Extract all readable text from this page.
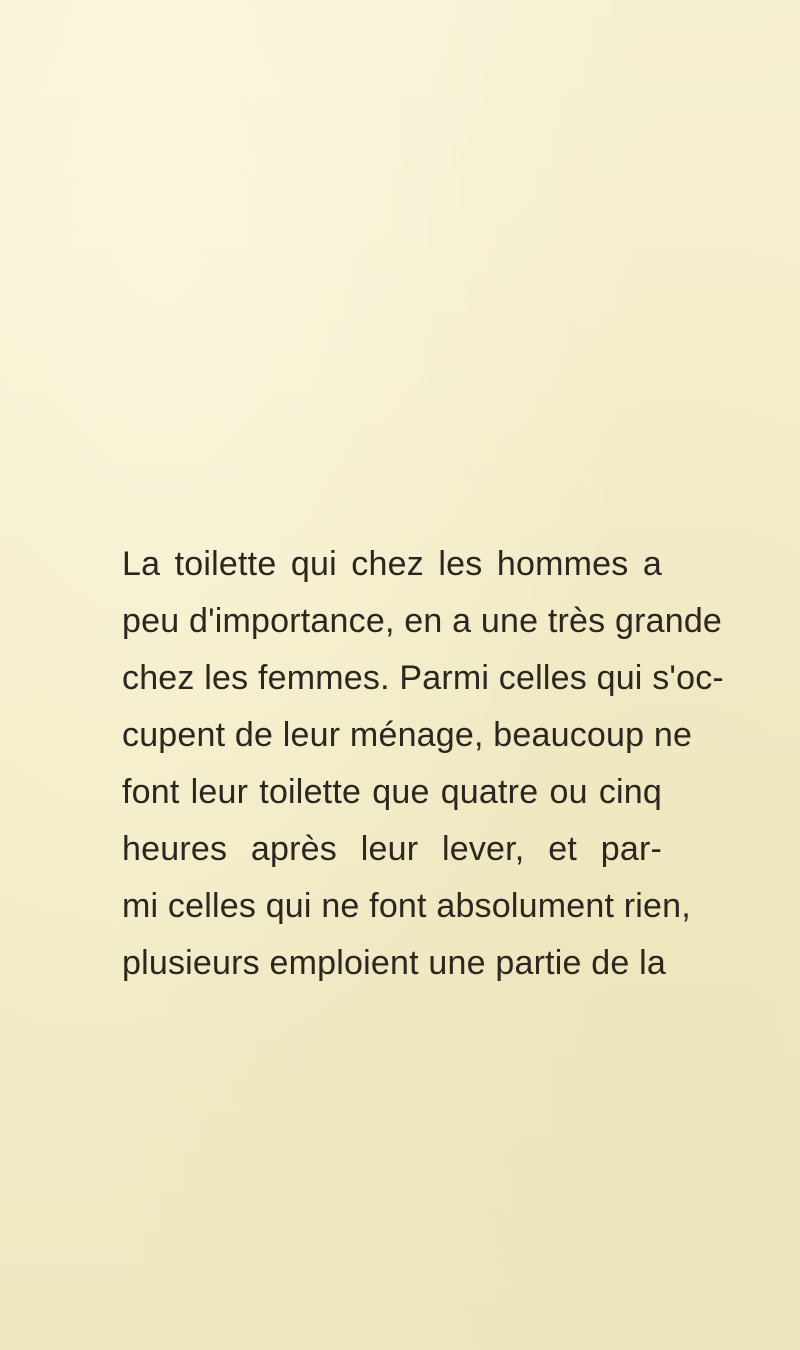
La toilette qui chez les hommes a
peu d'importance, en a une très grande
chez les femmes. Parmi celles qui s'oc-
cupent de leur ménage, beaucoup ne
font leur toilette que quatre ou cinq
heures après leur lever, et par-
mi celles qui ne font absolument rien,
plusieurs emploient une partie de la
